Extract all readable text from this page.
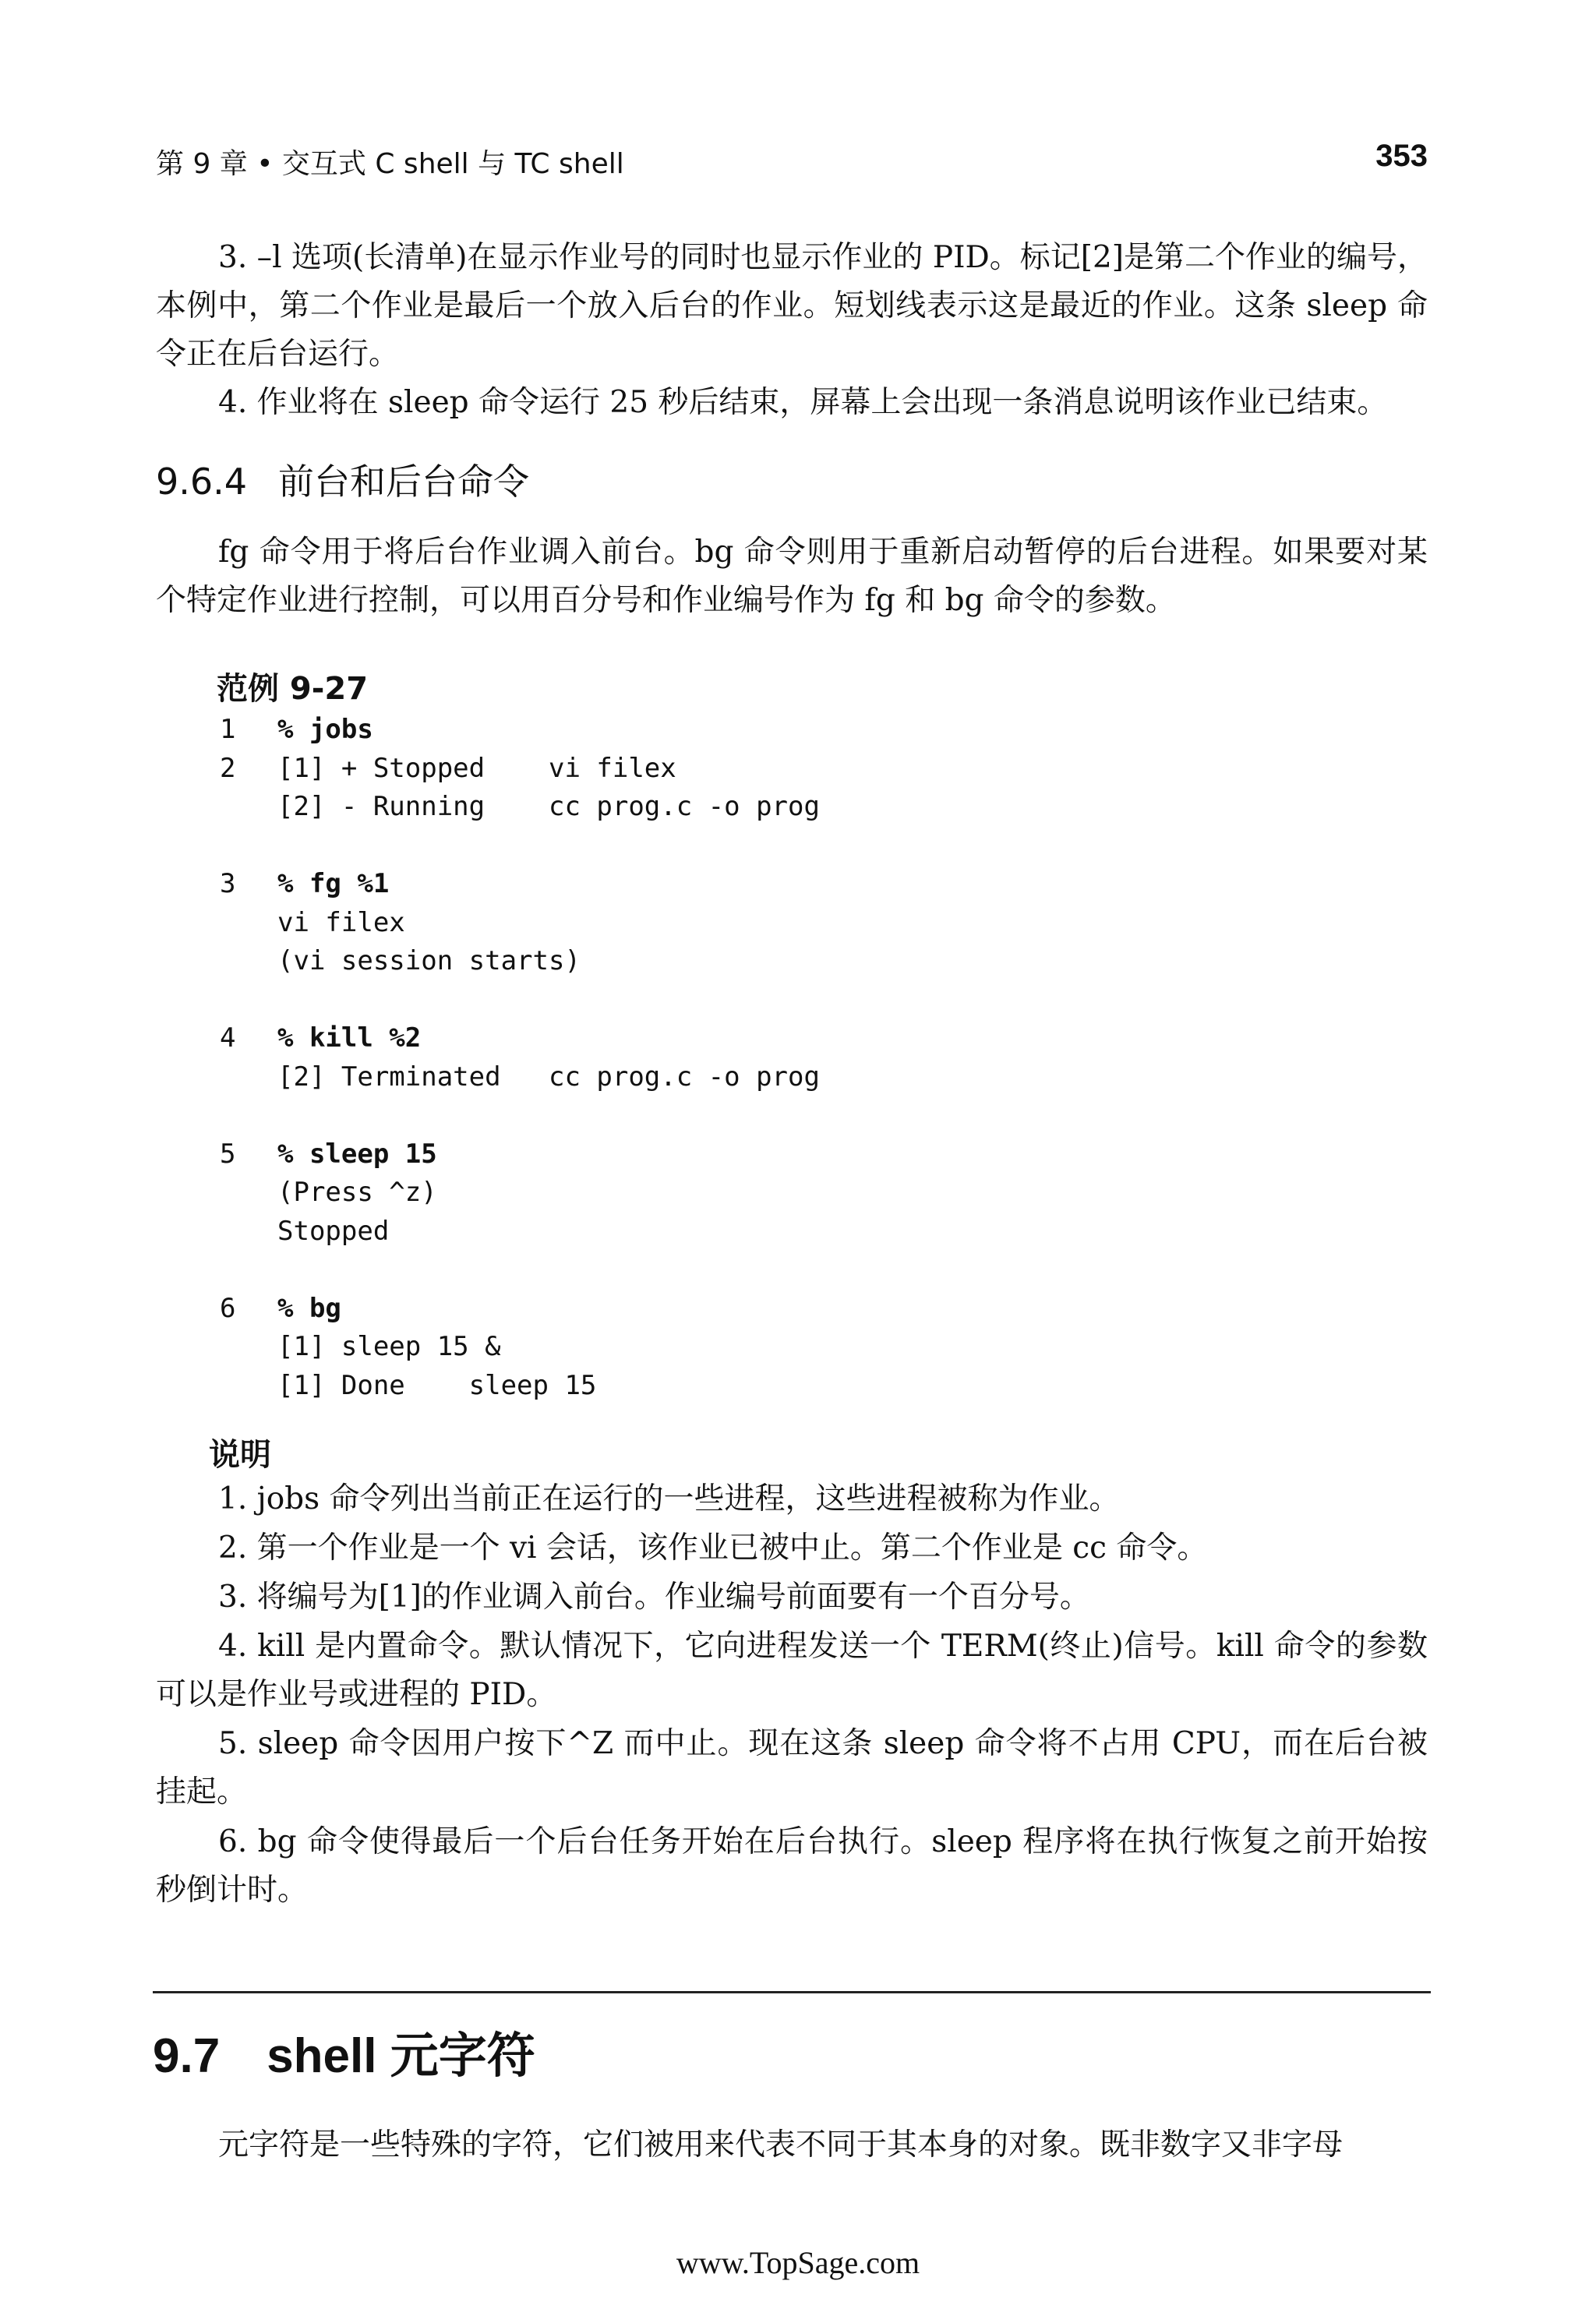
第 9 章 • 交互式 C shell 与 TC shell	353

3. –l 选项(长清单)在显示作业号的同时也显示作业的 PID。标记[2]是第二个作业的编号，本例中，第二个作业是最后一个放入后台的作业。短划线表示这是最近的作业。这条 sleep 命令正在后台运行。

4. 作业将在 sleep 命令运行 25 秒后结束，屏幕上会出现一条消息说明该作业已结束。

9.6.4 前台和后台命令

fg 命令用于将后台作业调入前台。bg 命令则用于重新启动暂停的后台进程。如果要对某个特定作业进行控制，可以用百分号和作业编号作为 fg 和 bg 命令的参数。

范例 9-27
1	% jobs
2	[1] + Stopped    vi filex
[2] - Running    cc prog.c -o prog
3	% fg %1
vi filex
(vi session starts)
4	% kill %2
[2] Terminated   cc prog.c -o prog
5	% sleep 15
(Press ^z)
Stopped
6	% bg
[1] sleep 15 &
[1] Done    sleep 15
说明

1. jobs 命令列出当前正在运行的一些进程，这些进程被称为作业。

2. 第一个作业是一个 vi 会话，该作业已被中止。第二个作业是 cc 命令。

3. 将编号为[1]的作业调入前台。作业编号前面要有一个百分号。

4. kill 是内置命令。默认情况下，它向进程发送一个 TERM(终止)信号。kill 命令的参数可以是作业号或进程的 PID。

5. sleep 命令因用户按下^Z 而中止。现在这条 sleep 命令将不占用 CPU，而在后台被挂起。

6. bg 命令使得最后一个后台任务开始在后台执行。sleep 程序将在执行恢复之前开始按秒倒计时。

9.7 shell 元字符

元字符是一些特殊的字符，它们被用来代表不同于其本身的对象。既非数字又非字母

www.TopSage.com
